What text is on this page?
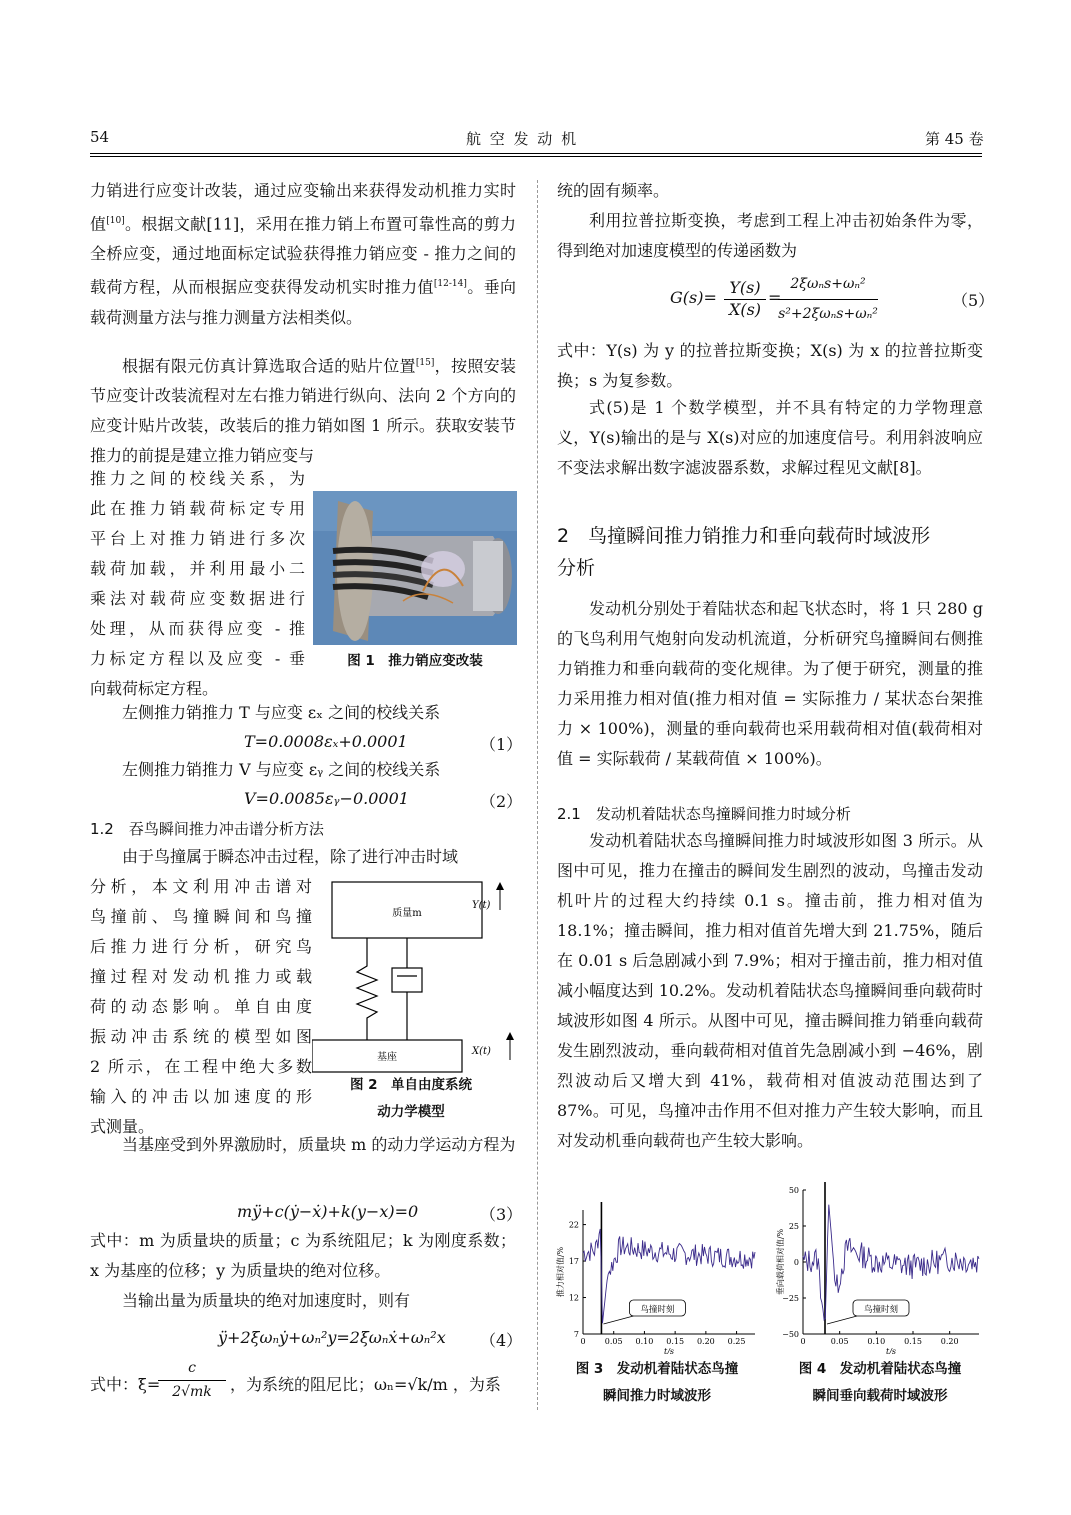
54	航 空 发 动 机	第 45 卷
力销进行应变计改装，通过应变输出来获得发动机推力实时值[10]。根据文献[11]，采用在推力销上布置可靠性高的剪力全桥应变，通过地面标定试验获得推力销应变 - 推力之间的载荷方程，从而根据应变获得发动机实时推力值[12-14]。垂向载荷测量方法与推力测量方法相类似。
根据有限元仿真计算选取合适的贴片位置[15]，按照安装节应变计改装流程对左右推力销进行纵向、法向 2 个方向的应变计贴片改装，改装后的推力销如图 1 所示。获取安装节推力的前提是建立推力销应变与
推力之间的校线关系，为
此在推力销载荷标定专用
平台上对推力销进行多次
载荷加载，并利用最小二
乘法对载荷应变数据进行
处理，从而获得应变 - 推
力标定方程以及应变 - 垂
向载荷标定方程。
图 1　推力销应变改装

左侧推力销推力 T 与应变 εₓ 之间的校线关系

T=0.0008εₓ+0.0001	（1）

左侧推力销推力 V 与应变 εᵧ 之间的校线关系

V=0.0085εᵧ−0.0001	（2）
1.2　吞鸟瞬间推力冲击谱分析方法

由于鸟撞属于瞬态冲击过程，除了进行冲击时域

分析，本文利用冲击谱对
鸟撞前、鸟撞瞬间和鸟撞
后推力进行分析，研究鸟
撞过程对发动机推力或载
荷的动态影响。单自由度
振动冲击系统的模型如图
2 所示，在工程中绝大多数
输入的冲击以加速度的形
式测量。
质量m
基座
Y(t)
X(t)
图 2　单自由度系统
动力学模型
当基座受到外界激励时，质量块 m 的动力学运动方程为
mÿ+c(ẏ−ẋ)+k(y−x)=0	（3）
式中：m 为质量块的质量；c 为系统阻尼；k 为刚度系数；x 为基座的位移；y 为质量块的绝对位移。
当输出量为质量块的绝对加速度时，则有
ÿ+2ξωₙẏ+ωₙ²y=2ξωₙẋ+ωₙ²x （4）
式中：ξ=
c
2√mk	，为系统的阻尼比；ωₙ=√k/m ，为系
统的固有频率。
利用拉普拉斯变换，考虑到工程上冲击初始条件为零，得到绝对加速度模型的传递函数为
G(s)=
Y(s)
X(s)
=
2ξωₙs+ωₙ²
s²+2ξωₙs+ωₙ²
（5）
式中：Y(s) 为 y 的拉普拉斯变换；X(s) 为 x 的拉普拉斯变换；s 为复参数。
式(5)是 1 个数学模型，并不具有特定的力学物理意义，Y(s)输出的是与 X(s)对应的加速度信号。利用斜波响应不变法求解出数字滤波器系数，求解过程见文献[8]。
2　鸟撞瞬间推力销推力和垂向载荷时域波形
分析
发动机分别处于着陆状态和起飞状态时，将 1 只 280 g 的飞鸟利用气炮射向发动机流道，分析研究鸟撞瞬间右侧推力销推力和垂向载荷的变化规律。为了便于研究，测量的推力采用推力相对值(推力相对值 = 实际推力 / 某状态台架推力 × 100%)，测量的垂向载荷也采用载荷相对值(载荷相对值 = 实际载荷 / 某载荷值 × 100%)。
2.1　发动机着陆状态鸟撞瞬间推力时域分析
发动机着陆状态鸟撞瞬间推力时域波形如图 3 所示。从图中可见，推力在撞击的瞬间发生剧烈的波动，鸟撞击发动机叶片的过程大约持续 0.1 s。撞击前，推力相对值为 18.1%；撞击瞬间，推力相对值首先增大到 21.75%，随后在 0.01 s 后急剧减小到 7.9%；相对于撞击前，推力相对值减小幅度达到 10.2%。发动机着陆状态鸟撞瞬间垂向载荷时域波形如图 4 所示。从图中可见，撞击瞬间推力销垂向载荷发生剧烈波动，垂向载荷相对值首先急剧减小到 −46%，剧烈波动后又增大到 41%，载荷相对值波动范围达到了 87%。可见，鸟撞冲击作用不但对推力产生较大影响，而且对发动机垂向载荷也产生较大影响。
7
12
17
22
0 0.05 0.10 0.15 0.20 0.25
t/s
推力相对值/%
鸟撞时刻
−50
−25
0
25
50
0	0.05 0.10 0.15 0.20
t/s
垂向载荷相对值/%
鸟撞时刻
图 3　发动机着陆状态鸟撞
瞬间推力时域波形
图 4　发动机着陆状态鸟撞
瞬间垂向载荷时域波形
